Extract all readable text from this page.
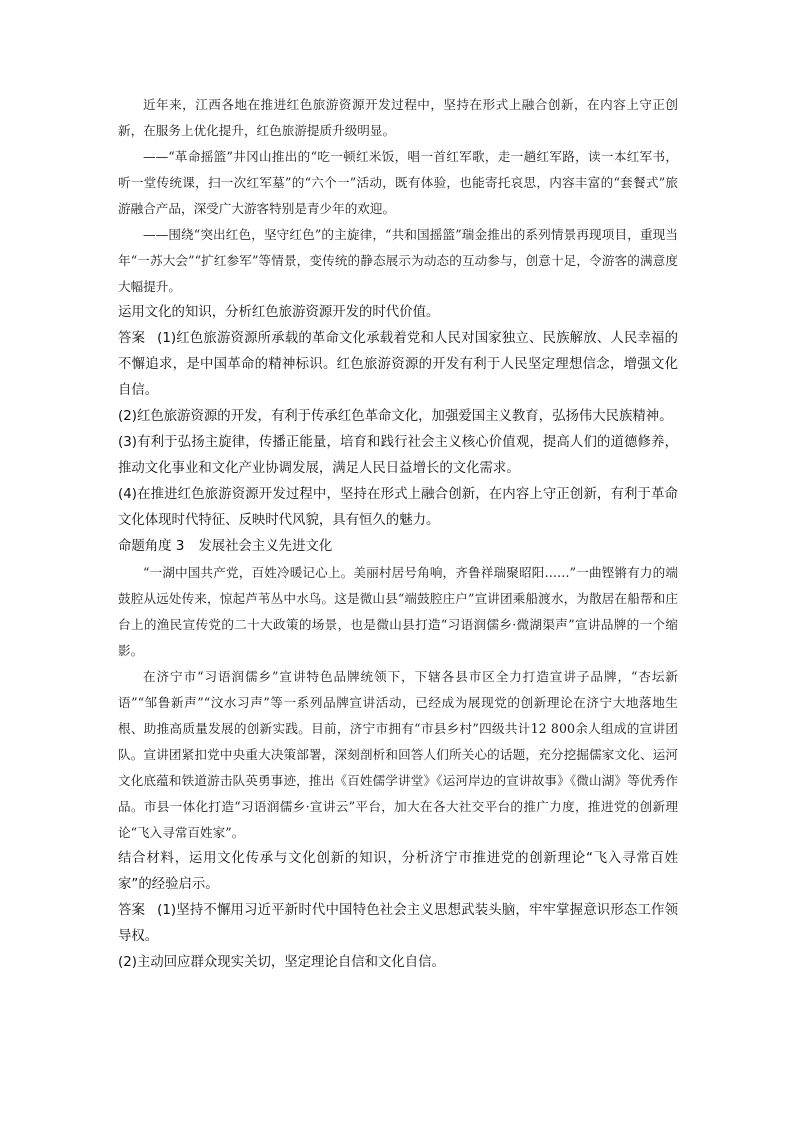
近年来，江西各地在推进红色旅游资源开发过程中，坚持在形式上融合创新，在内容上守正创新，在服务上优化提升，红色旅游提质升级明显。

——“革命摇篮”井冈山推出的“吃一顿红米饭，唱一首红军歌，走一趟红军路，读一本红军书，听一堂传统课，扫一次红军墓”的“六个一”活动，既有体验，也能寄托哀思，内容丰富的“套餐式”旅游融合产品，深受广大游客特别是青少年的欢迎。

——围绕“突出红色，坚守红色”的主旋律，“共和国摇篮”瑞金推出的系列情景再现项目，重现当年“一苏大会”“扩红参军”等情景，变传统的静态展示为动态的互动参与，创意十足，令游客的满意度大幅提升。

运用文化的知识，分析红色旅游资源开发的时代价值。

答案 (1)红色旅游资源所承载的革命文化承载着党和人民对国家独立、民族解放、人民幸福的不懈追求，是中国革命的精神标识。红色旅游资源的开发有利于人民坚定理想信念，增强文化自信。

(2)红色旅游资源的开发，有利于传承红色革命文化，加强爱国主义教育，弘扬伟大民族精神。

(3)有利于弘扬主旋律，传播正能量，培育和践行社会主义核心价值观，提高人们的道德修养，推动文化事业和文化产业协调发展，满足人民日益增长的文化需求。

(4)在推进红色旅游资源开发过程中，坚持在形式上融合创新，在内容上守正创新，有利于革命文化体现时代特征、反映时代风貌，具有恒久的魅力。

命题角度 3 发展社会主义先进文化

“一湖中国共产党，百姓冷暖记心上。美丽村居号角响，齐鲁祥瑞聚昭阳……”一曲铿锵有力的端鼓腔从远处传来，惊起芦苇丛中水鸟。这是微山县“端鼓腔庄户”宣讲团乘船渡水，为散居在船帮和庄台上的渔民宣传党的二十大政策的场景，也是微山县打造“习语润儒乡·微湖渠声”宣讲品牌的一个缩影。

在济宁市“习语润儒乡”宣讲特色品牌统领下，下辖各县市区全力打造宣讲子品牌，“杏坛新语”“邹鲁新声”“汶水习声”等一系列品牌宣讲活动，已经成为展现党的创新理论在济宁大地落地生根、助推高质量发展的创新实践。目前，济宁市拥有“市县乡村”四级共计12 800余人组成的宣讲团队。宣讲团紧扣党中央重大决策部署，深刻剖析和回答人们所关心的话题，充分挖掘儒家文化、运河文化底蕴和铁道游击队英勇事迹，推出《百姓儒学讲堂》《运河岸边的宣讲故事》《微山湖》等优秀作品。市县一体化打造“习语润儒乡·宣讲云”平台，加大在各大社交平台的推广力度，推进党的创新理论“飞入寻常百姓家”。

结合材料，运用文化传承与文化创新的知识，分析济宁市推进党的创新理论“飞入寻常百姓家”的经验启示。

答案 (1)坚持不懈用习近平新时代中国特色社会主义思想武装头脑，牢牢掌握意识形态工作领导权。

(2)主动回应群众现实关切，坚定理论自信和文化自信。
